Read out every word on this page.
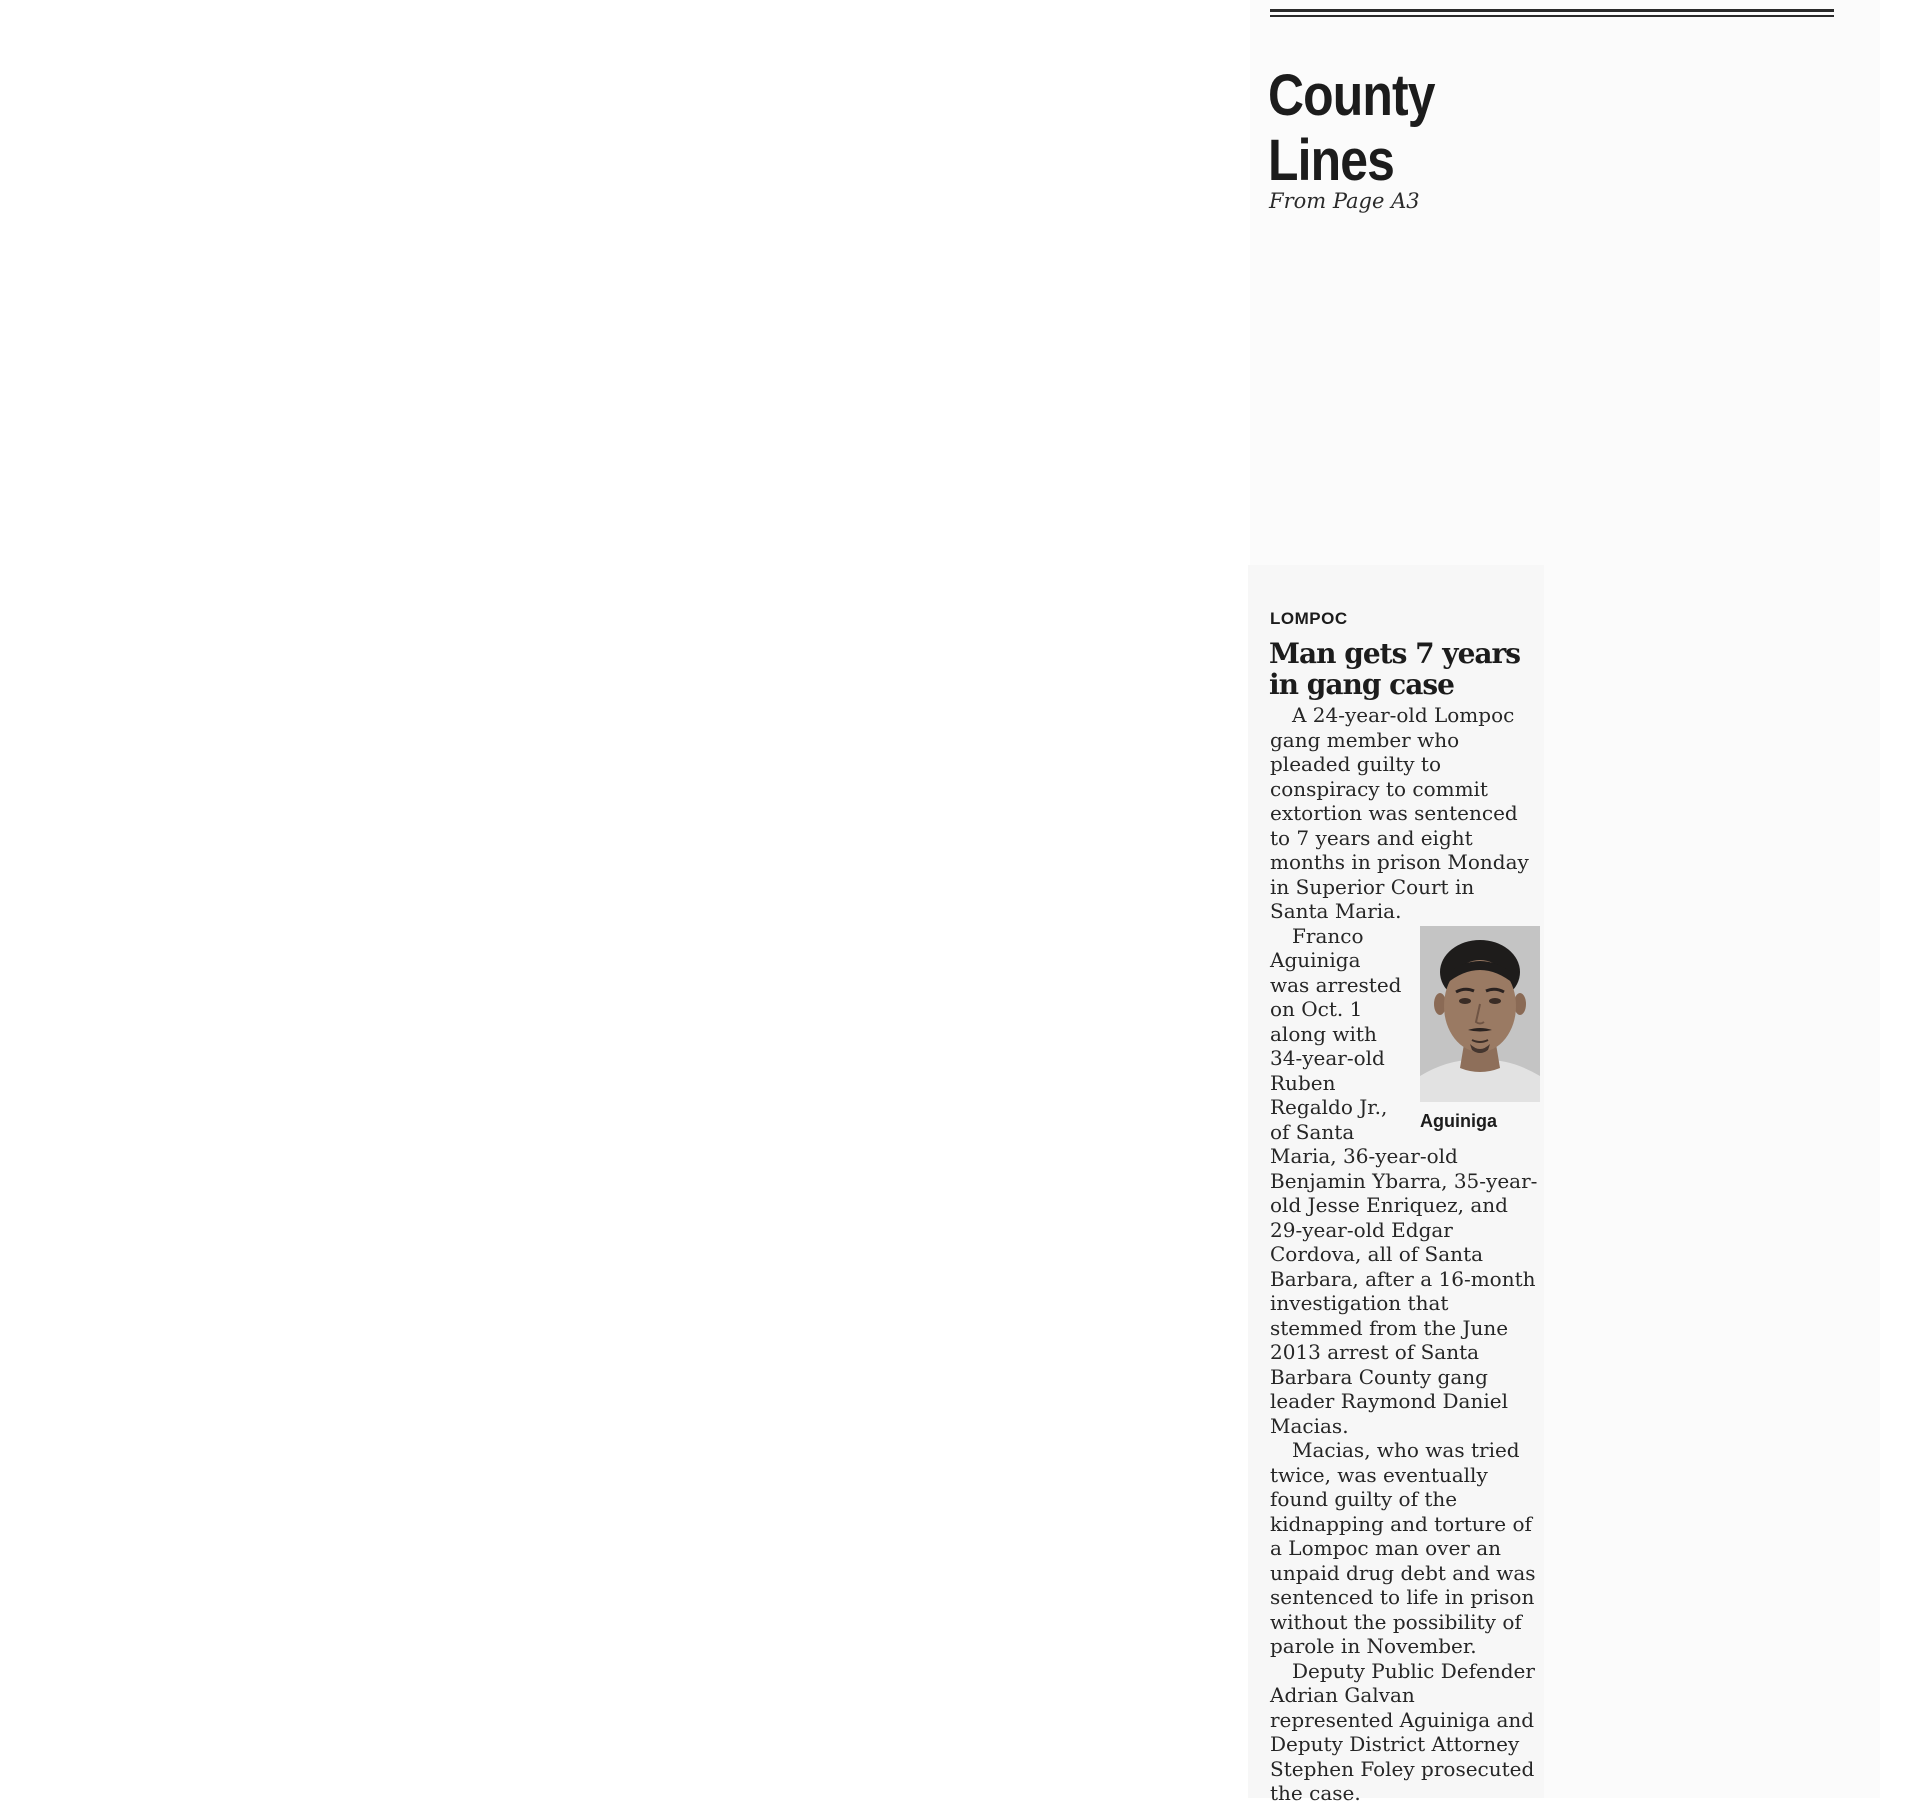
County
Lines

From Page A3

LOMPOC

Man gets 7 years
in gang case

A 24-year-old Lompoc gang member who pleaded guilty to conspiracy to commit extortion was sentenced to 7 years and eight months in prison Monday in Superior Court in Santa Maria.

Aguiniga

Franco Aguiniga was arrested on Oct. 1 along with 34-year-old Ruben Regaldo Jr., of Santa Maria, 36-year-old Benjamin Ybarra, 35-year-old Jesse Enriquez, and 29-year-old Edgar Cordova, all of Santa Barbara, after a 16-month investigation that stemmed from the June 2013 arrest of Santa Barbara County gang leader Raymond Daniel Macias.

Macias, who was tried twice, was eventually found guilty of the kidnapping and torture of a Lompoc man over an unpaid drug debt and was sentenced to life in prison without the possibility of parole in November.

Deputy Public Defender Adrian Galvan represented Aguiniga and Deputy District Attorney Stephen Foley prosecuted the case.
